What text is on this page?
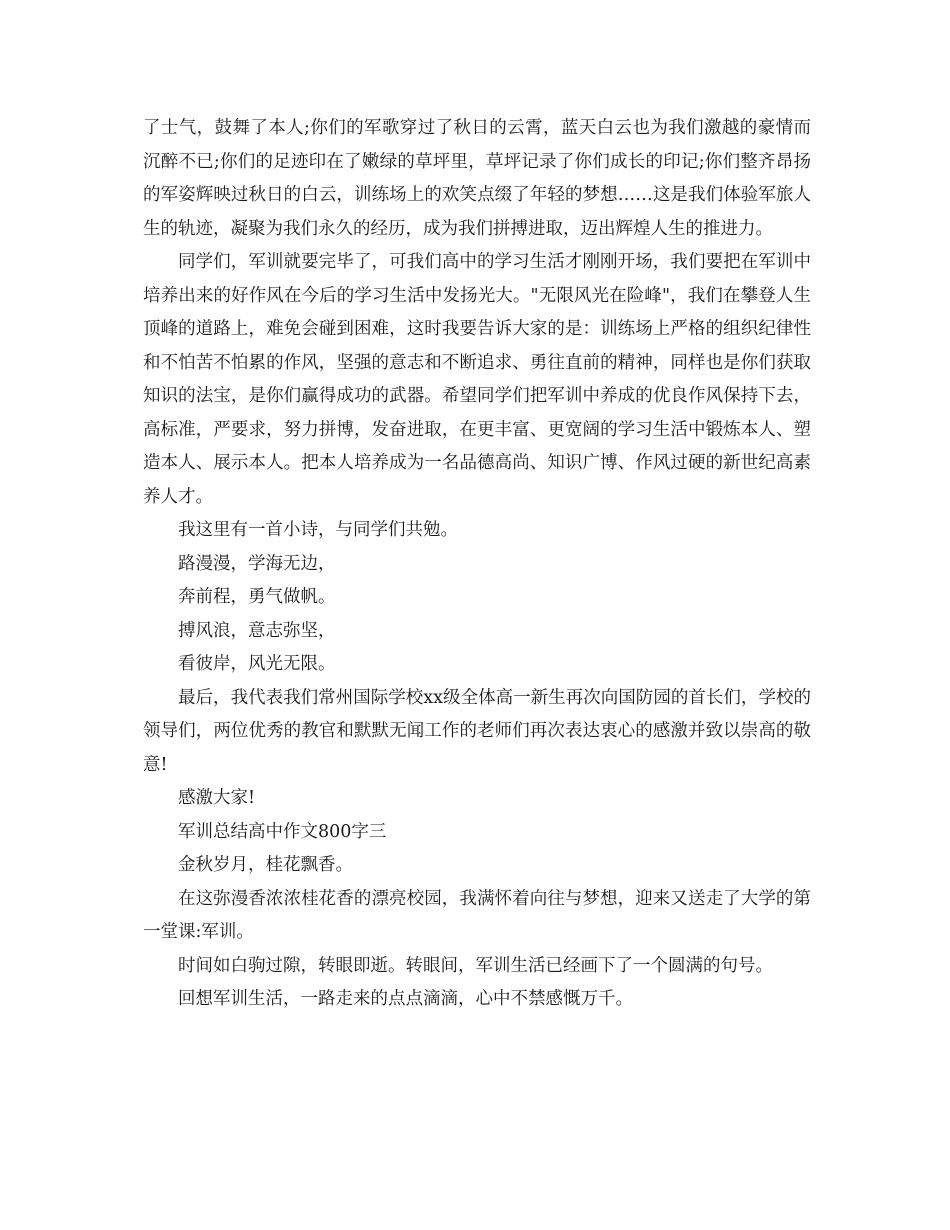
了士气，鼓舞了本人;你们的军歌穿过了秋日的云霄，蓝天白云也为我们激越的豪情而沉醉不已;你们的足迹印在了嫩绿的草坪里，草坪记录了你们成长的印记;你们整齐昂扬的军姿辉映过秋日的白云，训练场上的欢笑点缀了年轻的梦想……这是我们体验军旅人生的轨迹，凝聚为我们永久的经历，成为我们拼搏进取，迈出辉煌人生的推进力。

同学们，军训就要完毕了，可我们高中的学习生活才刚刚开场，我们要把在军训中培养出来的好作风在今后的学习生活中发扬光大。"无限风光在险峰"，我们在攀登人生顶峰的道路上，难免会碰到困难，这时我要告诉大家的是：训练场上严格的组织纪律性和不怕苦不怕累的作风，坚强的意志和不断追求、勇往直前的精神，同样也是你们获取知识的法宝，是你们赢得成功的武器。希望同学们把军训中养成的优良作风保持下去，高标准，严要求，努力拼博，发奋进取，在更丰富、更宽阔的学习生活中锻炼本人、塑造本人、展示本人。把本人培养成为一名品德高尚、知识广博、作风过硬的新世纪高素养人才。

我这里有一首小诗，与同学们共勉。

路漫漫，学海无边，

奔前程，勇气做帆。

搏风浪，意志弥坚，

看彼岸，风光无限。

最后，我代表我们常州国际学校xx级全体高一新生再次向国防园的首长们，学校的领导们，两位优秀的教官和默默无闻工作的老师们再次表达衷心的感激并致以崇高的敬意!

感激大家!

军训总结高中作文800字三

金秋岁月，桂花飘香。

在这弥漫香浓浓桂花香的漂亮校园，我满怀着向往与梦想，迎来又送走了大学的第一堂课:军训。

时间如白驹过隙，转眼即逝。转眼间，军训生活已经画下了一个圆满的句号。

回想军训生活，一路走来的点点滴滴，心中不禁感慨万千。
